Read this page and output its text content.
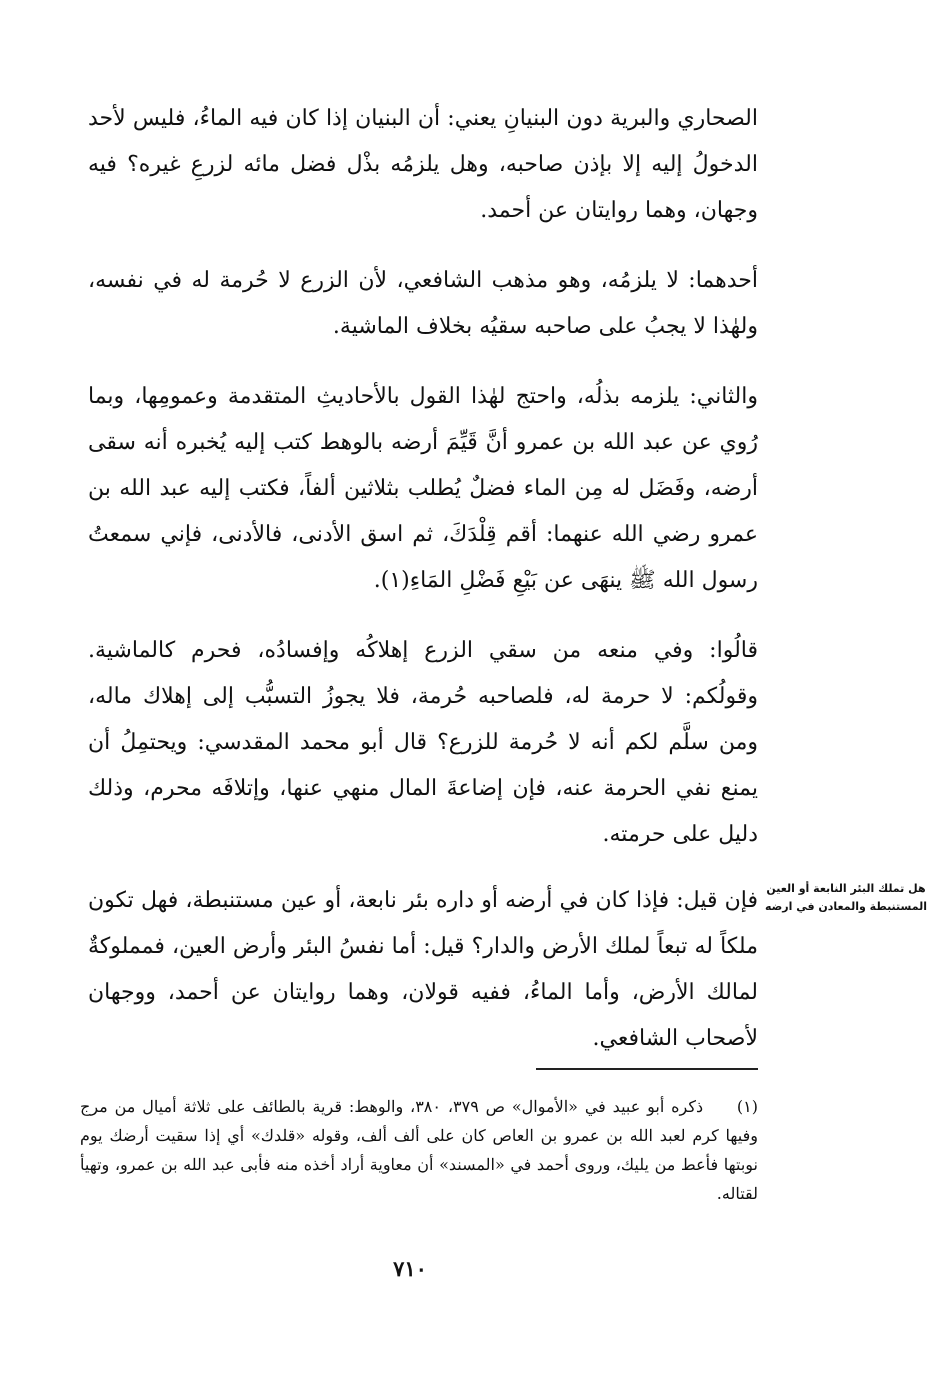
الصحاري والبرية دون البنيانِ يعني: أن البنيان إذا كان فيه الماءُ، فليس لأحد الدخولُ إليه إلا بإذن صاحبه، وهل يلزمُه بذْل فضل مائه لزرعِ غيره؟ فيه وجهان، وهما روايتان عن أحمد.

أحدهما: لا يلزمُه، وهو مذهب الشافعي، لأن الزرع لا حُرمة له في نفسه، ولهٰذا لا يجبُ على صاحبه سقيُه بخلاف الماشية.

والثاني: يلزمه بذلُه، واحتج لهٰذا القول بالأحاديثِ المتقدمة وعمومِها، وبما رُوي عن عبد الله بن عمرو أنَّ قَيِّمَ أرضه بالوهط كتب إليه يُخبره أنه سقى أرضه، وفَضَل له مِن الماء فضلٌ يُطلب بثلاثين ألفاً، فكتب إليه عبد الله بن عمرو رضي الله عنهما: أقم قِلْدَكَ، ثم اسق الأدنى، فالأدنى، فإني سمعتُ رسول الله ﷺ ينهَى عن بَيْعِ فَضْلِ المَاءِ(١).

قالُوا: وفي منعه من سقي الزرع إهلاكُه وإفسادُه، فحرم كالماشية. وقولُكم: لا حرمة له، فلصاحبه حُرمة، فلا يجوزُ التسبُّب إلى إهلاك ماله، ومن سلَّم لكم أنه لا حُرمة للزرع؟ قال أبو محمد المقدسي: ويحتمِلُ أن يمنع نفي الحرمة عنه، فإن إضاعةَ المال منهي عنها، وإتلافَه محرم، وذلك دليل على حرمته.

فإن قيل: فإذا كان في أرضه أو داره بئر نابعة، أو عين مستنبطة، فهل تكون ملكاً له تبعاً لملك الأرض والدار؟ قيل: أما نفسُ البئر وأرض العين، فمملوكةٌ لمالك الأرض، وأما الماءُ، ففيه قولان، وهما روايتان عن أحمد، ووجهان لأصحاب الشافعي.

هل تملك البئر النابعة أو العين المستنبطة والمعادن في ارضه
(١) ذكره أبو عبيد في «الأموال» ص ٣٧٩، ٣٨٠، والوهط: قرية بالطائف على ثلاثة أميال من مرج وفيها كرم لعبد الله بن عمرو بن العاص كان على ألف ألف، وقوله «قلدك» أي إذا سقيت أرضك يوم نوبتها فأعط من يليك، وروى أحمد في «المسند» أن معاوية أراد أخذه منه فأبى عبد الله بن عمرو، وتهيأ لقتاله.
٧١٠
